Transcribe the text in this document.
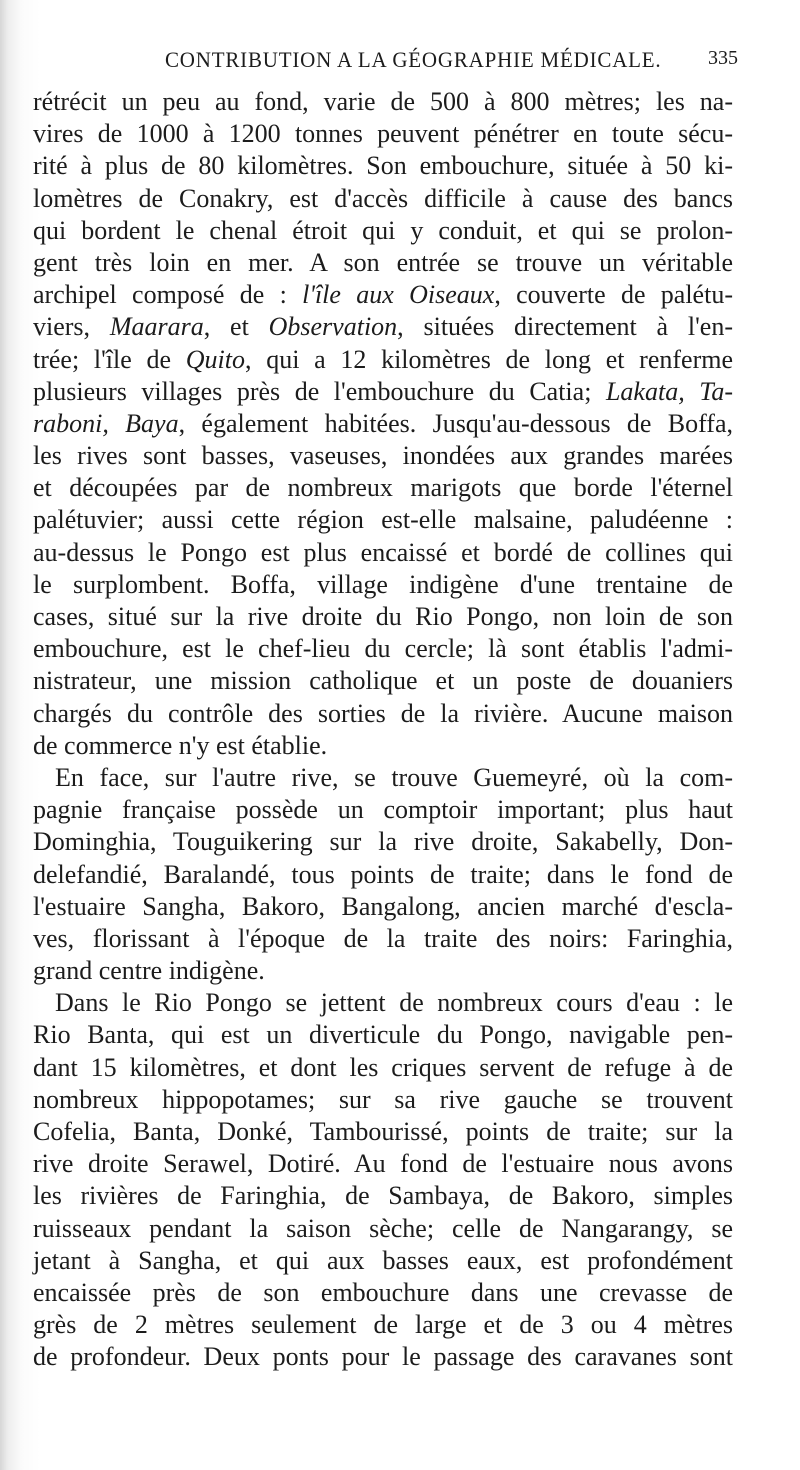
CONTRIBUTION A LA GÉOGRAPHIE MÉDICALE. 335
rétrécit un peu au fond, varie de 500 à 800 mètres; les na-
vires de 1000 à 1200 tonnes peuvent pénétrer en toute sécu-
rité à plus de 80 kilomètres. Son embouchure, située à 50 ki-
lomètres de Conakry, est d'accès difficile à cause des bancs
qui bordent le chenal étroit qui y conduit, et qui se prolon-
gent très loin en mer. A son entrée se trouve un véritable
archipel composé de : l'île aux Oiseaux, couverte de palétu-
viers, Maarara, et Observation, situées directement à l'en-
trée; l'île de Quito, qui a 12 kilomètres de long et renferme
plusieurs villages près de l'embouchure du Catia; Lakata, Ta-
raboni, Baya, également habitées. Jusqu'au-dessous de Boffa,
les rives sont basses, vaseuses, inondées aux grandes marées
et découpées par de nombreux marigots que borde l'éternel
palétuvier; aussi cette région est-elle malsaine, paludéenne :
au-dessus le Pongo est plus encaissé et bordé de collines qui
le surplombent. Boffa, village indigène d'une trentaine de
cases, situé sur la rive droite du Rio Pongo, non loin de son
embouchure, est le chef-lieu du cercle; là sont établis l'admi-
nistrateur, une mission catholique et un poste de douaniers
chargés du contrôle des sorties de la rivière. Aucune maison
de commerce n'y est établie.
En face, sur l'autre rive, se trouve Guemeyré, où la com-
pagnie française possède un comptoir important; plus haut
Dominghia, Touguikering sur la rive droite, Sakabelly, Don-
delefandié, Baralandé, tous points de traite; dans le fond de
l'estuaire Sangha, Bakoro, Bangalong, ancien marché d'escla-
ves, florissant à l'époque de la traite des noirs: Faringhia,
grand centre indigène.
Dans le Rio Pongo se jettent de nombreux cours d'eau : le
Rio Banta, qui est un diverticule du Pongo, navigable pen-
dant 15 kilomètres, et dont les criques servent de refuge à de
nombreux hippopotames; sur sa rive gauche se trouvent
Cofelia, Banta, Donké, Tambourissé, points de traite; sur la
rive droite Serawel, Dotiré. Au fond de l'estuaire nous avons
les rivières de Faringhia, de Sambaya, de Bakoro, simples
ruisseaux pendant la saison sèche; celle de Nangarangy, se
jetant à Sangha, et qui aux basses eaux, est profondément
encaissée près de son embouchure dans une crevasse de
grès de 2 mètres seulement de large et de 3 ou 4 mètres
de profondeur. Deux ponts pour le passage des caravanes sont
